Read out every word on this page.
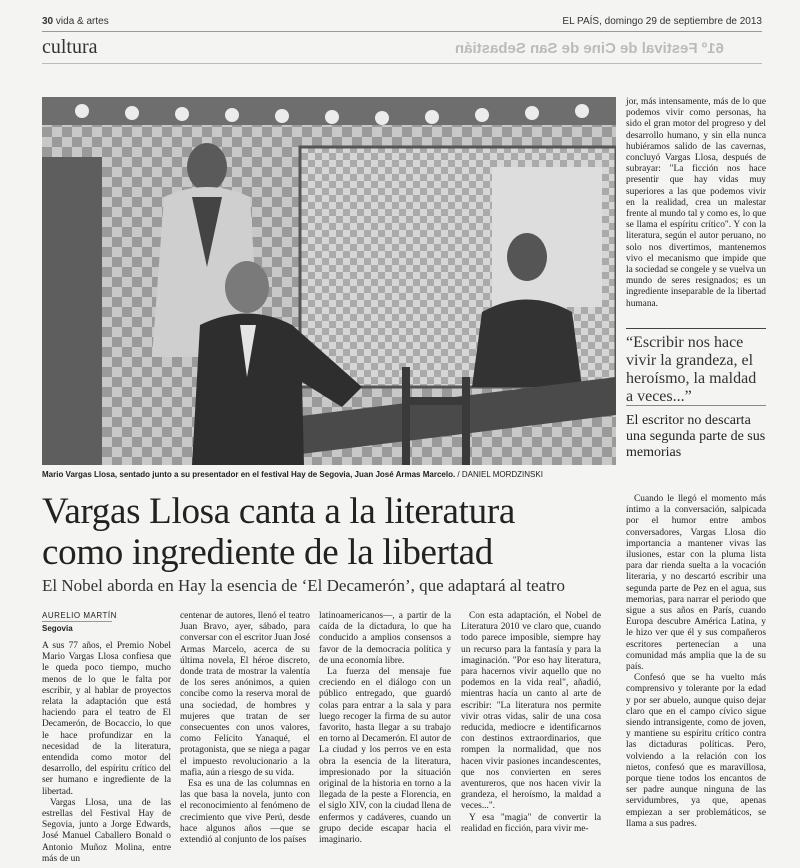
30 vida & artes	EL PAÍS, domingo 29 de septiembre de 2013
cultura	61º Festival de Cine de San Sebastián
Mario Vargas Llosa, sentado junto a su presentador en el festival Hay de Segovia, Juan José Armas Marcelo. / DANIEL MORDZINSKI
Vargas Llosa canta a la literatura
como ingrediente de la libertad
El Nobel aborda en Hay la esencia de ‘El Decamerón’, que adaptará al teatro
AURELIO MARTÍN
Segovia

A sus 77 años, el Premio Nobel Mario Vargas Llosa confiesa que le queda poco tiempo, mucho menos de lo que le falta por escribir, y al hablar de proyectos relata la adaptación que está haciendo para el teatro de El Decamerón, de Bocaccio, lo que le hace profundizar en la necesidad de la literatura, entendida como motor del desarrollo, del espíritu crítico del ser humano e ingrediente de la libertad.

Vargas Llosa, una de las estrellas del Festival Hay de Segovia, junto a Jorge Edwards, José Manuel Caballero Bonald o Antonio Muñoz Molina, entre más de un

centenar de autores, llenó el teatro Juan Bravo, ayer, sábado, para conversar con el escritor Juan José Armas Marcelo, acerca de su última novela, El héroe discreto, donde trata de mostrar la valentía de los seres anónimos, a quien concibe como la reserva moral de una sociedad, de hombres y mujeres que tratan de ser consecuentes con unos valores, como Felícito Yanaqué, el protagonista, que se niega a pagar el impuesto revolucionario a la mafia, aún a riesgo de su vida.

Esa es una de las columnas en las que basa la novela, junto con el reconocimiento al fenómeno de crecimiento que vive Perú, desde hace algunos años —que se extendió al conjunto de los países

latinoamericanos—, a partir de la caída de la dictadura, lo que ha conducido a amplios consensos a favor de la democracia política y de una economía libre.

La fuerza del mensaje fue creciendo en el diálogo con un público entregado, que guardó colas para entrar a la sala y para luego recoger la firma de su autor favorito, hasta llegar a su trabajo en torno al Decamerón. El autor de La ciudad y los perros ve en esta obra la esencia de la literatura, impresionado por la situación original de la historia en torno a la llegada de la peste a Florencia, en el siglo XIV, con la ciudad llena de enfermos y cadáveres, cuando un grupo decide escapar hacia el imaginario.

Con esta adaptación, el Nobel de Literatura 2010 ve claro que, cuando todo parece imposible, siempre hay un recurso para la fantasía y para la imaginación. "Por eso hay literatura, para hacernos vivir aquello que no podemos en la vida real", añadió, mientras hacía un canto al arte de escribir: "La literatura nos permite vivir otras vidas, salir de una cosa reducida, mediocre e identificarnos con destinos extraordinarios, que rompen la normalidad, que nos hacen vivir pasiones incandescentes, que nos convierten en seres aventureros, que nos hacen vivir la grandeza, el heroísmo, la maldad a veces...".

Y esa "magia" de convertir la realidad en ficción, para vivir me-

jor, más intensamente, más de lo que podemos vivir como personas, ha sido el gran motor del progreso y del desarrollo humano, y sin ella nunca hubiéramos salido de las cavernas, concluyó Vargas Llosa, después de subrayar: "La ficción nos hace presentir que hay vidas muy superiores a las que podemos vivir en la realidad, crea un malestar frente al mundo tal y como es, lo que se llama el espíritu crítico". Y con la literatura, según el autor peruano, no solo nos divertimos, mantenemos vivo el mecanismo que impide que la sociedad se congele y se vuelva un mundo de seres resignados; es un ingrediente inseparable de la libertad humana.
“Escribir nos hace vivir la grandeza, el heroísmo, la maldad a veces...”
El escritor no descarta una segunda parte de sus memorias

Cuando le llegó el momento más íntimo a la conversación, salpicada por el humor entre ambos conversadores, Vargas Llosa dio importancia a mantener vivas las ilusiones, estar con la pluma lista para dar rienda suelta a la vocación literaria, y no descartó escribir una segunda parte de Pez en el agua, sus memorias, para narrar el periodo que sigue a sus años en París, cuando Europa descubre América Latina, y le hizo ver que él y sus compañeros escritores pertenecían a una comunidad más amplia que la de su país.

Confesó que se ha vuelto más comprensivo y tolerante por la edad y por ser abuelo, aunque quiso dejar claro que en el campo cívico sigue siendo intransigente, como de joven, y mantiene su espíritu crítico contra las dictaduras políticas. Pero, volviendo a la relación con los nietos, confesó que es maravillosa, porque tiene todos los encantos de ser padre aunque ninguna de las servidumbres, ya que, apenas empiezan a ser problemáticos, se llama a sus padres.
